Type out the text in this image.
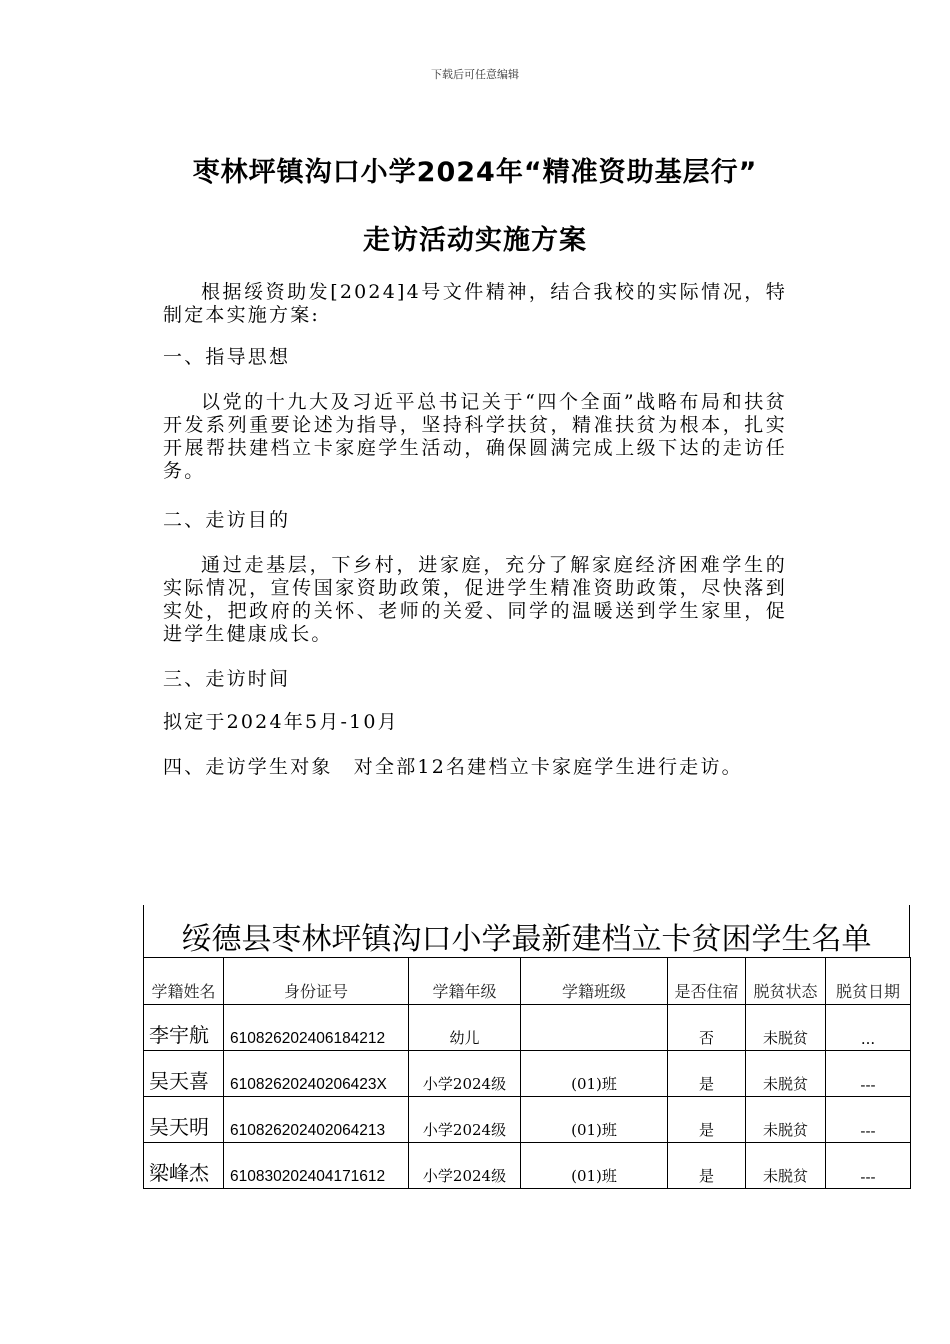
下载后可任意编辑
枣林坪镇沟口小学2024年“精准资助基层行”
走访活动实施方案
根据绥资助发[2024]4号文件精神，结合我校的实际情况，特制定本实施方案:
一、指导思想
以党的十九大及习近平总书记关于“四个全面”战略布局和扶贫开发系列重要论述为指导，坚持科学扶贫，精准扶贫为根本，扎实开展帮扶建档立卡家庭学生活动，确保圆满完成上级下达的走访任务。
二、走访目的
通过走基层，下乡村，进家庭，充分了解家庭经济困难学生的实际情况，宣传国家资助政策，促进学生精准资助政策，尽快落到实处，把政府的关怀、老师的关爱、同学的温暖送到学生家里，促进学生健康成长。
三、走访时间
拟定于2024年5月-10月
四、走访学生对象　对全部12名建档立卡家庭学生进行走访。
绥德县枣林坪镇沟口小学最新建档立卡贫困学生名单
学籍姓名	身份证号	学籍年级	学籍班级	是否住宿	脱贫状态	脱贫日期
李宇航	610826202406184212	幼儿		否	未脱贫	...
吴天喜	61082620240206423X	小学2024级	(01)班	是	未脱贫	---
吴天明	610826202402064213	小学2024级	(01)班	是	未脱贫	---
梁峰杰	610830202404171612	小学2024级	(01)班	是	未脱贫	---
